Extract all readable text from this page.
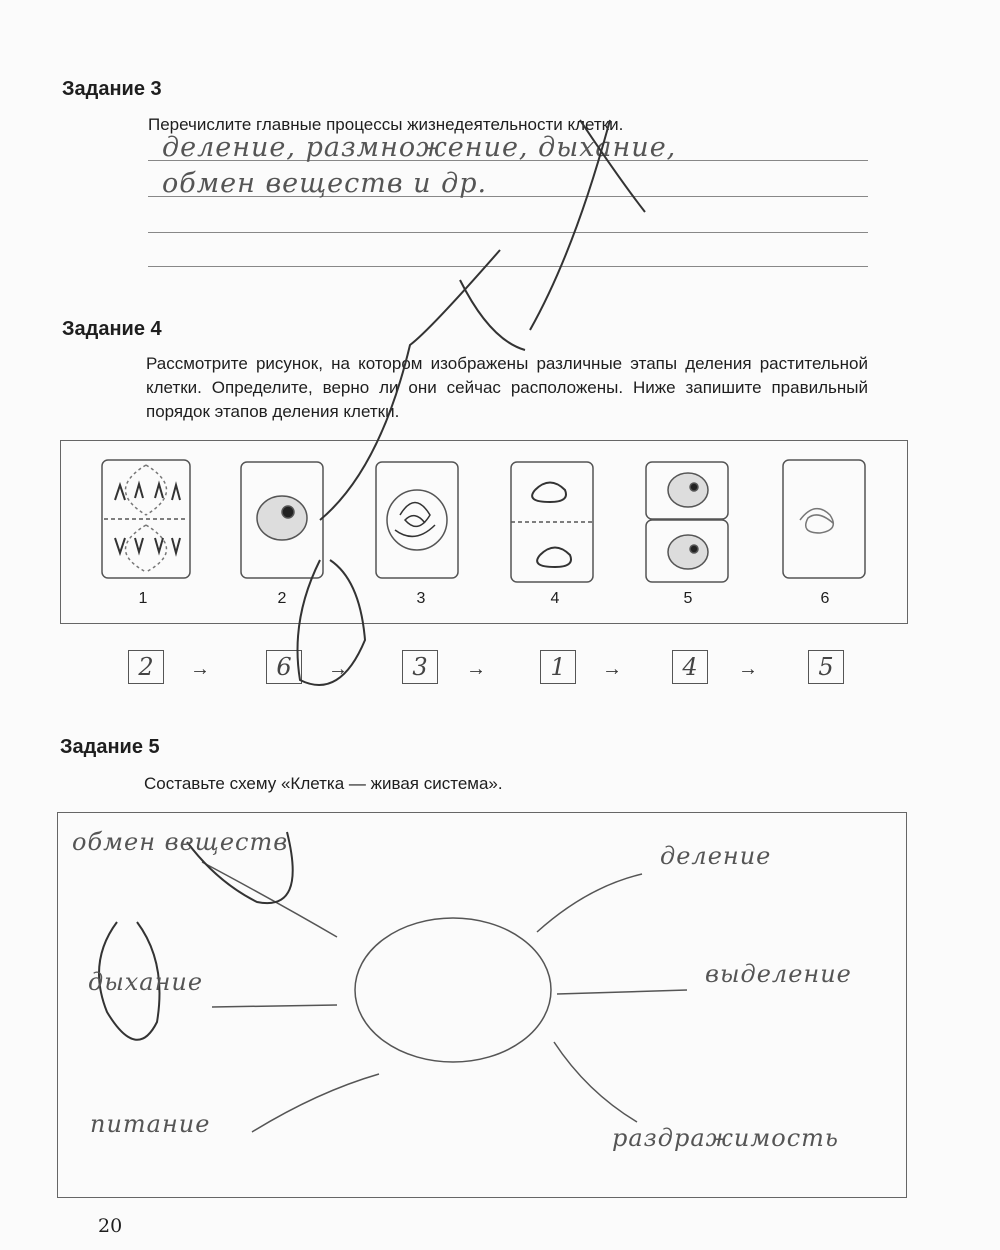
Задание 3
Перечислите главные процессы жизнедеятельности клетки.
деление, размножение, дыхание,
обмен веществ и др.
Задание 4
Рассмотрите рисунок, на котором изображены различные этапы деления растительной клетки. Определите, верно ли они сейчас расположены. Ниже запишите правильный порядок этапов деления клетки.
1	2	3	4	5	6
2	→	6	→	3	→	1	→	4	→	5
Задание 5
Составьте схему «Клетка — живая система».
обмен веществ
дыхание
питание
деление
выделение
раздражимость
20
